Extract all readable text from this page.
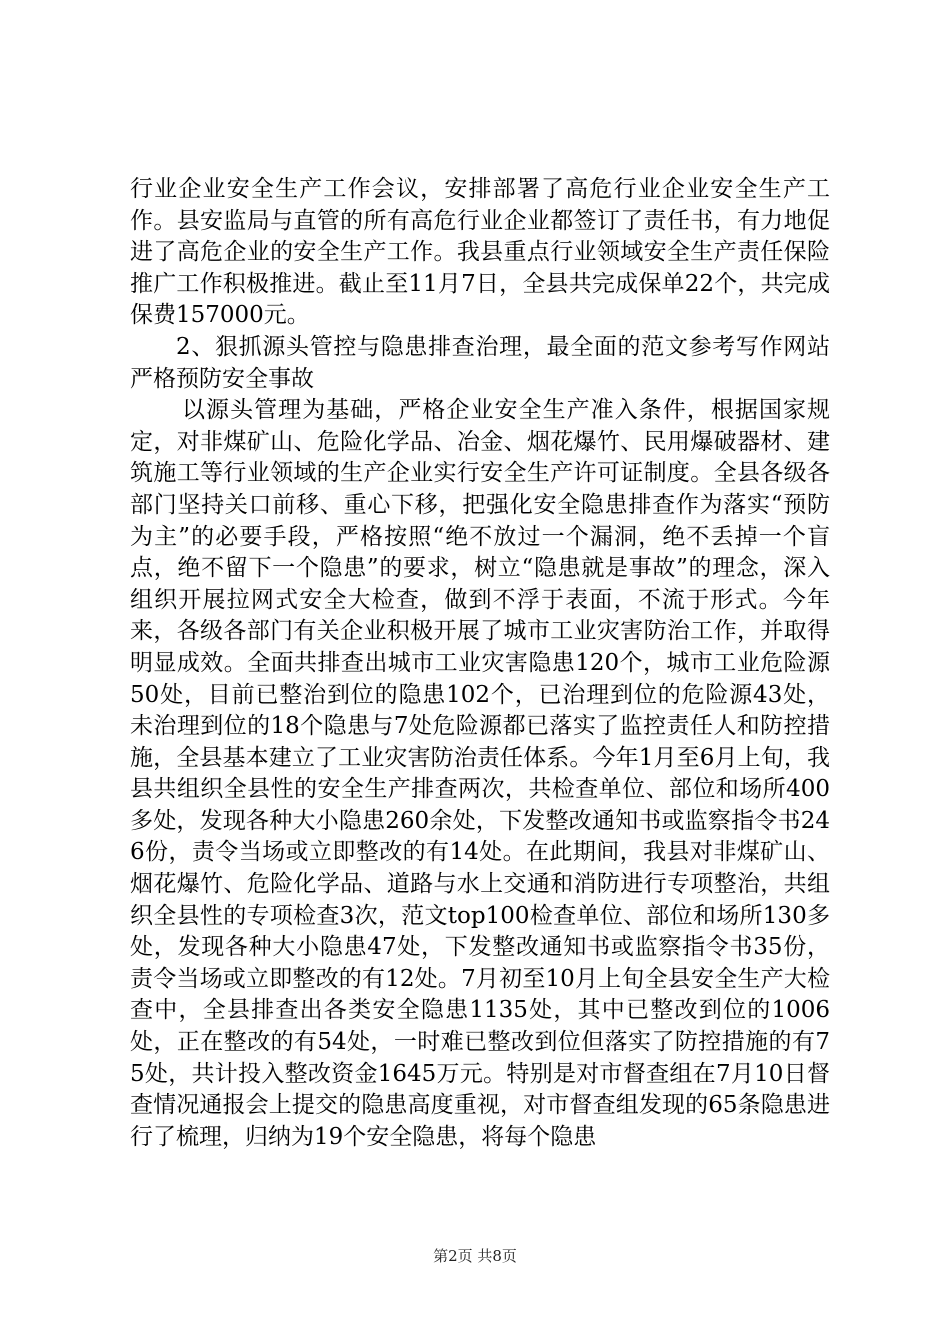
行业企业安全生产工作会议，安排部署了高危行业企业安全生产工作。县安监局与直管的所有高危行业企业都签订了责任书，有力地促进了高危企业的安全生产工作。我县重点行业领域安全生产责任保险推广工作积极推进。截止至11月7日，全县共完成保单22个，共完成保费157000元。

2、狠抓源头管控与隐患排查治理，最全面的范文参考写作网站严格预防安全事故

以源头管理为基础，严格企业安全生产准入条件，根据国家规定，对非煤矿山、危险化学品、冶金、烟花爆竹、民用爆破器材、建筑施工等行业领域的生产企业实行安全生产许可证制度。全县各级各部门坚持关口前移、重心下移，把强化安全隐患排查作为落实“预防为主”的必要手段，严格按照“绝不放过一个漏洞，绝不丢掉一个盲点，绝不留下一个隐患”的要求，树立“隐患就是事故”的理念，深入组织开展拉网式安全大检查，做到不浮于表面，不流于形式。今年来，各级各部门有关企业积极开展了城市工业灾害防治工作，并取得明显成效。全面共排查出城市工业灾害隐患120个，城市工业危险源50处，目前已整治到位的隐患102个，已治理到位的危险源43处，未治理到位的18个隐患与7处危险源都已落实了监控责任人和防控措施，全县基本建立了工业灾害防治责任体系。今年1月至6月上旬，我县共组织全县性的安全生产排查两次，共检查单位、部位和场所400多处，发现各种大小隐患260余处，下发整改通知书或监察指令书246份，责令当场或立即整改的有14处。在此期间，我县对非煤矿山、烟花爆竹、危险化学品、道路与水上交通和消防进行专项整治，共组织全县性的专项检查3次，范文top100检查单位、部位和场所130多处，发现各种大小隐患47处，下发整改通知书或监察指令书35份，责令当场或立即整改的有12处。7月初至10月上旬全县安全生产大检查中，全县排查出各类安全隐患1135处，其中已整改到位的1006处，正在整改的有54处，一时难已整改到位但落实了防控措施的有75处，共计投入整改资金1645万元。特别是对市督查组在7月10日督查情况通报会上提交的隐患高度重视，对市督查组发现的65条隐患进行了梳理，归纳为19个安全隐患，将每个隐患

第2页 共8页
